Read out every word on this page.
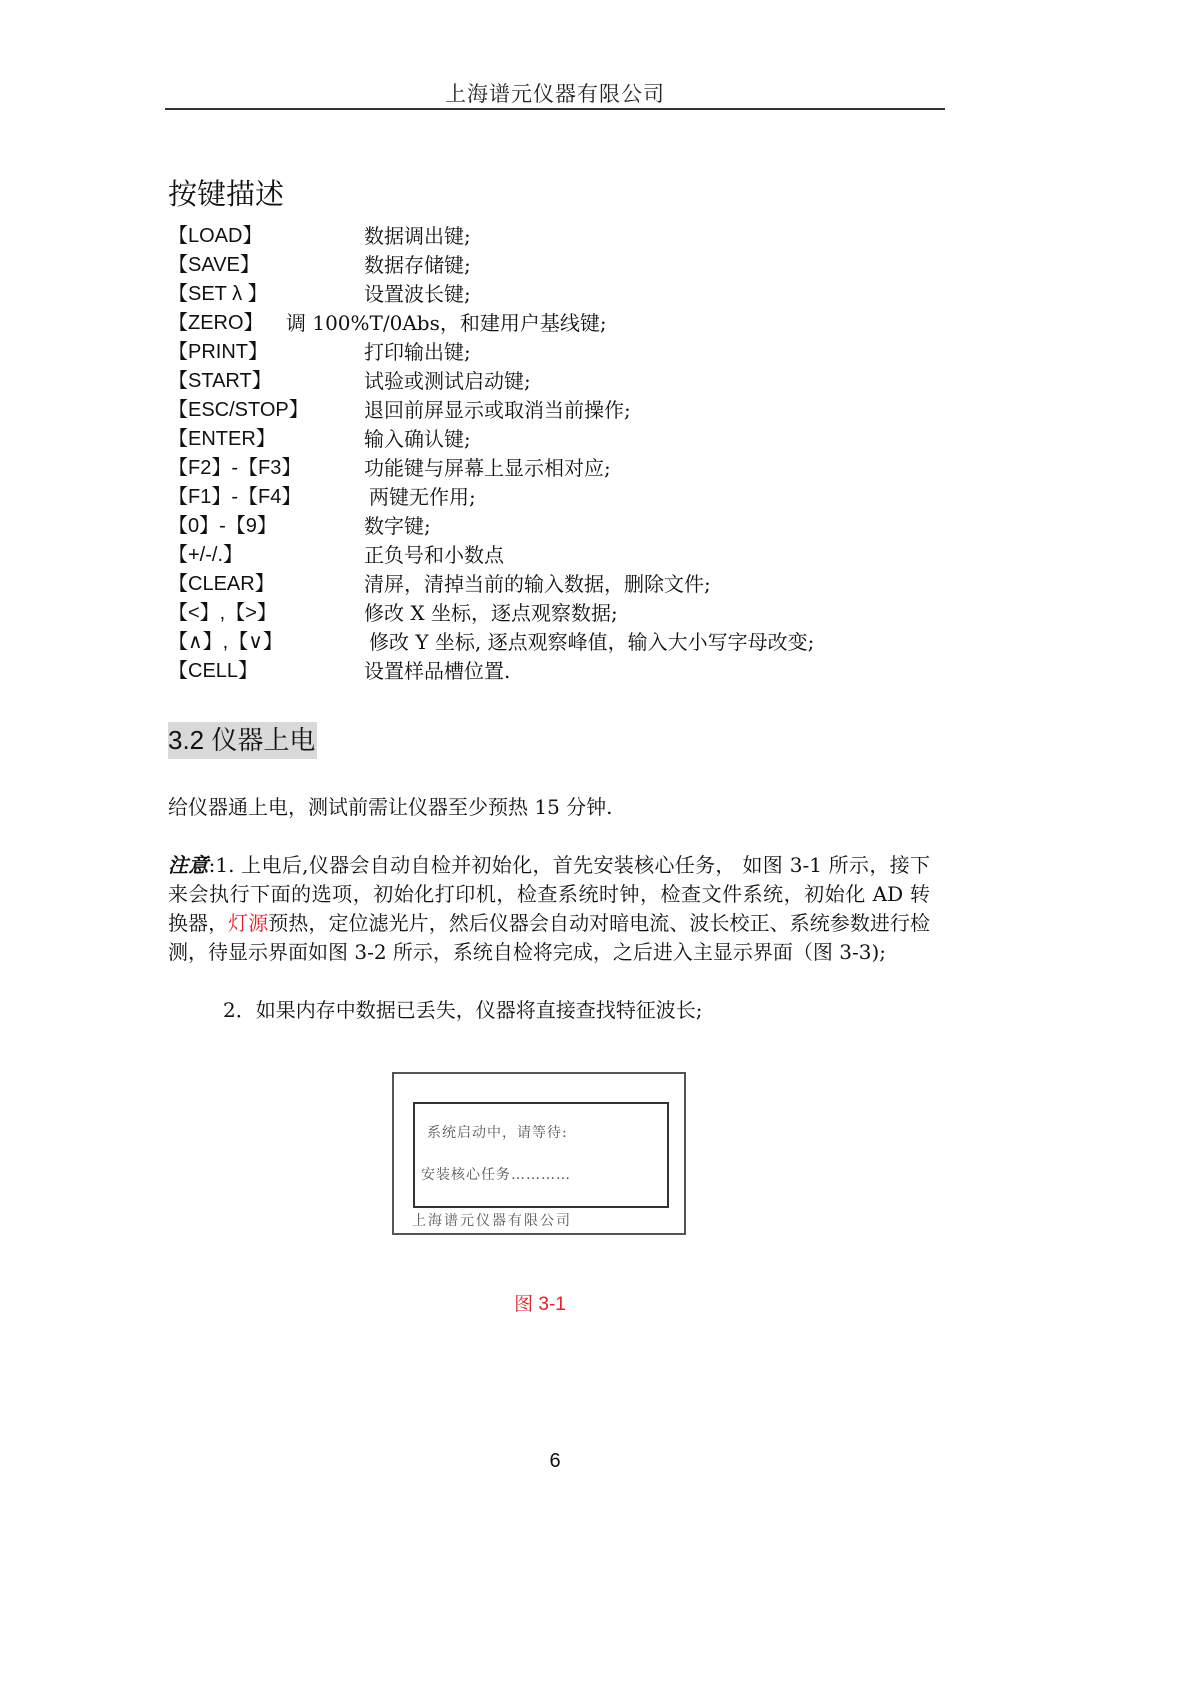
上海谱元仪器有限公司
按键描述
【LOAD】	数据调出键;
【SAVE】	数据存储键;
【SET λ 】	设置波长键;
【ZERO】 调 100%T/0Abs，和建用户基线键;
【PRINT】	打印输出键;
【START】	试验或测试启动键;
【ESC/STOP】	退回前屏显示或取消当前操作;
【ENTER】	输入确认键;
【F2】-【F3】	功能键与屏幕上显示相对应;
【F1】-【F4】	两键无作用;
【0】-【9】	数字键;
【+/-/.】	正负号和小数点
【CLEAR】	清屏，清掉当前的输入数据，删除文件;
【<】,【>】	修改 X 坐标，逐点观察数据;
【∧】,【∨】	修改 Y 坐标, 逐点观察峰值，输入大小写字母改变;
【CELL】	设置样品槽位置.
3.2 仪器上电
给仪器通上电，测试前需让仪器至少预热 15 分钟.
注意:1. 上电后,仪器会自动自检并初始化，首先安装核心任务， 如图 3-1 所示，接下来会执行下面的选项，初始化打印机，检查系统时钟，检查文件系统，初始化 AD 转换器，灯源预热，定位滤光片，然后仪器会自动对暗电流、波长校正、系统参数进行检测，待显示界面如图 3-2 所示，系统自检将完成，之后进入主显示界面（图 3-3);
2．如果内存中数据已丢失，仪器将直接查找特征波长;
系统启动中，请等待:
安装核心任务…………
上海谱元仪器有限公司
图 3-1
6
